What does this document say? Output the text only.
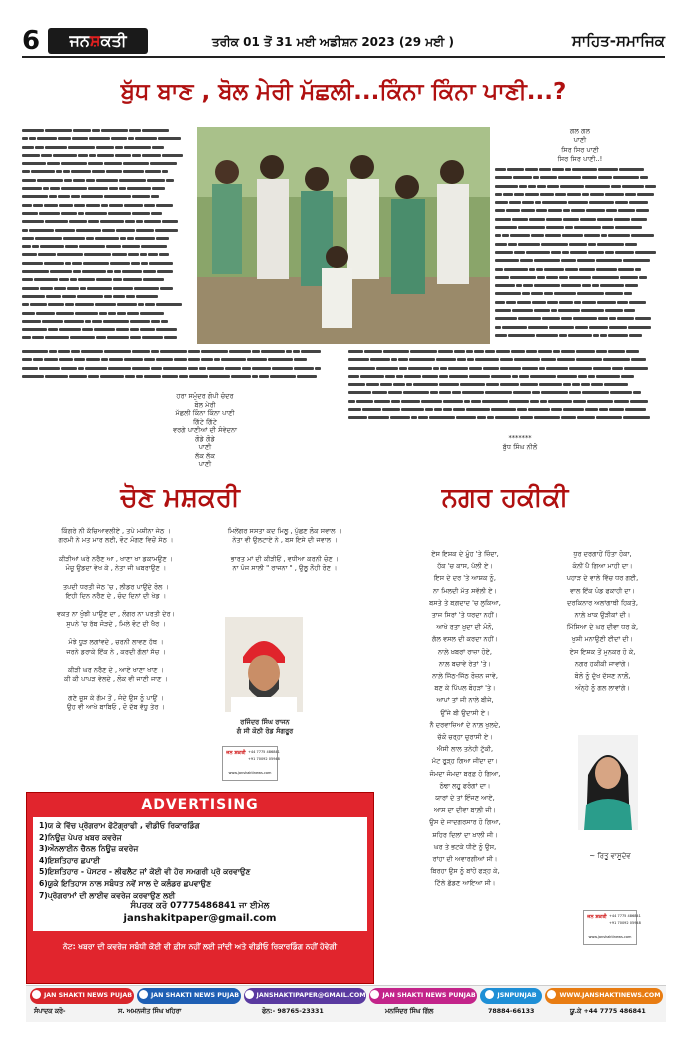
6	ਜਨਸ਼ਕਤੀ	ਤਰੀਕ 01 ਤੋਂ 31 ਮਈ ਅਡੀਸ਼ਨ 2023 (29 ਮਈ )	ਸਾਹਿਤ-ਸਮਾਜਿਕ
ਬੁੱਧ ਬਾਣ , ਬੋਲ ਮੇਰੀ ਮੱਛਲੀ...ਕਿੰਨਾ ਕਿੰਨਾ ਪਾਣੀ...?
ਗਲ ਗਲ
ਪਾਣੀ
ਸਿਰ ਸਿਰ ਪਾਣੀ
ਸਿਰ ਸਿਰ ਪਾਣੀ..!
ਹਰਾ ਸਮੁੰਦਰ ਗੋਪੀ ਚੰਦਰ
ਬੋਲ ਮੇਰੀ
ਮੱਛਲੀ ਕਿੰਨਾ ਕਿੰਨਾ ਪਾਣੀ
ਗਿੱਟੇ ਗਿੱਟੇ
ਵਰਗੇ ਪਾਣੀਆਂ ਦੀ ਸੰਵੇਦਨਾ
ਗੋਡੇ ਗੋਡੇ
ਪਾਣੀ
ਲੱਕ ਲੱਕ
ਪਾਣੀ
*******
ਬੁੱਧ ਸਿੰਘ ਨੀਲੋਂ
ਚੋਣ ਮਸ਼ਕਰੀ

ਕਿੰਗਰੇ ਨੀ ਕੱਚਿਆਵਲੀਏ , ਤਪੇ ਮਸ਼ੀਨਾ ਜੇਠ ।
ਗਰਮੀ ਨੇ ਮਤ ਮਾਰ ਲਈ, ਵੋਟ ਮੰਗਣ ਵਿਚੋਂ ਸੇਠ ।

ਕੀੜੀਆਂ ਘਰੇ ਨਰੈਣ ਆ , ਖਾਣਾ ਖਾ ਡਕਾਮਉਣ ।
ਮੋਜੂ ਉਡਦਾ ਵੇਖ ਕੇ , ਨੇਤਾ ਜੀ ਘਬਰਾਉਣ ।

ਤਪਦੀ ਧਰਤੀ ਜੇਠ 'ਚ , ਲੀਡਰ ਪਾਉਂਦੇ ਰੋਲ ।
ਇਹੀ ਦਿਨ ਨਰੈਣ ਦੇ , ਚੰਦ ਦਿਨਾਂ ਦੀ ਖੇਡ ।

ਵਕਤ ਨਾ ਖੁੰਝੀ ਪਾਉਣ ਦਾ , ਲੰਗਰ ਨਾ ਪਰਤੀ ਦੇਰ।
ਸੁਪਨੇ 'ਚ ਰੱਬ ਜੋੜਦੇ , ਮਿਲੇ ਵੋਟ ਦੀ ਖੈਰ ।

ਮੰਝੇ ਧੂੜ ਲਗਾਂਵਦੇ , ਚਰਨੀ ਲਾਵਣ ਹੱਥ ।
ਜਰਨੇ ਡਰਾਕੇ ਇੱਕ ਨੇ , ਕਰਦੀ ਗੱਲਾਂ ਸੱਚ ।

ਕੀੜੀ ਘਰ ਨਰੈਣ ਦੇ , ਆਏ ਖਾਣਾ ਖਾਣ ।
ਕੀ ਕੀ ਪਾਪੜ ਵੇਲਦੇ , ਲੋਕ ਵੀ ਜਾਣੀ ਜਾਣ ।

ਗਣੇ ਜੂਸ ਕੇ ਗੱਮ ਤੋਂ , ਜੰਦੇ ਉਸ ਨੂੰ ਪਾਉਂ ।
ਉਹ ਵੀ ਆਖੇ ਬਾਬਿਓ , ਦੋ ਦੱਬ ਵੱਧੂ ਤੇਰ ।

ਮਿਲੇਂਗਰ ਸਸਤਾ ਕਦ ਮਿਲੂ , ਪੁੱਛਣ ਲੋਕ ਸਵਾਲ ।
ਨੇਤਾ ਵੀ ਉਲਟਾਏ ਨੇ , ਬਸ ਇਸੇ ਦੀ ਜਵਾਲ ।
ਭਾਰਤ ਮਾਂ ਦੀ ਕੀੜੀਓਂ , ਵਧੀਆ ਕਰਨੀ ਚੋਣ ।
ਨਾ ਪੰਜ ਸਾਲੀ " ਰਾਜਨਾ " , ਉਲੂ ਨੌਹੀ ਰੋਣ ।
ਰਜਿੰਦਰ ਸਿੰਘ ਰਾਜਨ
ਗੰ ਸੀ ਕੋਠੀ ਰੋਡ ਸੰਗਰੂਰ
ਜਨ ਸ਼ਕਤੀ +44 7775 486841
+91 70092 05948
www.janshaktinews.com
ADVERTISING
1)ਯ ਕੇ ਵਿੱਚ ਪ੍ਰੋਗਰਾਮ ਫੋਟੋਗ੍ਰਾਫੀ , ਵੀਡੀਓ ਰਿਕਾਰਡਿੰਗ
2)ਨਿਊਜ਼ ਪੇਪਰ ਖ਼ਬਰ ਕਵਰੇਜ
3)ਔਨਲਾਈਨ ਚੈਨਲ ਨਿਊਜ਼ ਕਵਰੇਜ
4)ਇਸ਼ਤਿਹਾਰ ਛਪਾਈ
5)ਇਸ਼ਤਿਹਾਰ - ਪੋਸਟਰ - ਲੀਫਲੈਟ ਜਾਂ ਕੋਈ ਵੀ ਹੋਰ ਸਮਗਰੀ ਪ੍ਰੋ ਕਰਵਾਉਣ
6)ਯੂਕੇ ਇਤਿਹਾਸ ਨਾਲ ਸਬੰਧਤ ਨਵੇਂ ਸਾਲ ਦੇ ਕਲੰਡਰ ਛਪਵਾਉਣ
7)ਪ੍ਰੋਗਰਾਮਾਂ ਦੀ ਲਾਈਵ ਕਵਰੇਜ ਕਰਵਾਉਣ ਲਈ
ਸੰਪਰਕ ਕਰੋ 07775486841 ਜਾ ਈਮੇਲ
janshakitpaper@gmail.com
ਨੋਟ: ਖਬਰਾ ਦੀ ਕਵਰੇਜ ਸਬੰਧੀ ਕੋਈ ਵੀ ਫ਼ੀਸ ਨਹੀਂ ਲਈ ਜਾਂਦੀ ਅਤੇ ਵੀਡੀਓ ਰਿਕਾਰਡਿੰਗ ਨਹੀਂ ਹੋਵੇਗੀ
ਨਗਰ ਹਕੀਕੀ
ਏਸ ਇਸ਼ਕ ਦੇ ਮੂੰਹ 'ਤੇ ਜ਼ਿੰਦਾ,
ਹੱਕ 'ਚ ਕਾਸ, ਪੱਲੀ ਏ।
ਇਸ ਦੇ ਦਰ 'ਤੇ ਆਸ਼ਕ ਨੂੰ,
ਨਾ ਮਿਲਦੀ ਮੱਤ ਸਵੱਲੀ ਏ।
ਬਸਤੇ ਤੇ ਬਗ਼ਦਾਦ 'ਚ ਲੁਕਿਆ,
ਤਾਜ ਸਿਰਾਂ 'ਤੇ ਧਰਦਾ ਨਹੀਂ।
ਆਖੇ ਰਤਾ ਖ਼ੁਦਾ ਦੀ ਮੰਨੋ,
ਗੱਲ ਵਸਲ ਦੀ ਕਰਦਾ ਨਹੀਂ।
ਨਾਲ਼ੇ ਖ਼ਬਰਾਂ ਰਾਜ਼ਾ ਹੋਏ,
ਨਾਲ਼ ਬਚਾਵੇ ਰੇਤਾਂ 'ਤੇ।
ਨਾਲ਼ੇ ਜਿੱਠ-ਜਿੱਠ ਰੋਜ਼ਨ ਜਾਵੇ,
ਬਣ ਕੇ ਪਿੱਪਲ ਬੋਹੜਾਂ 'ਤੇ।
ਆਪਾਂ ਤਾਂ ਜੀ ਨਾਲੇ ਬੀਜੇ,
ਉੱਜੇ ਬੀ ਉਦਾਸੀ ਏ।
ਨੈ ਦਰਵਾਜ਼ਿਆਂ ਦੇ ਨਾਲ਼ ਖੁਲਦੇ,
ਚੱਕੋ ਚਰ੍ਹਾ ਚੁਰਾਸੀ ਏ।
ਐਸੀ ਲਾਲ ਤਨੇਹੀ ਟੁੱਕੀ,
ਮੱਟ ਰੂੜ੍ਹ ਗਿਆ ਜੀਂਦਾ ਦਾ।
ਜੰਮਦਾ ਜੰਮਦਾ ਬਰਫ਼ ਹੋ ਗਿਆ,
ਠੰਢਾ ਲਹੂ ਫਰੰਗਾਂ ਦਾ।
ਯਾਰਾਂ ਦੇ ਤਾਂ ਇੰਜਣ ਆਏ,
ਆਸ ਦਾ ਦੀਵਾ ਬਾਲ਼ੀ ਜੀ।
ਉਸ ਦੇ ਜਾਦਗਰਸਾਰ ਹੋ ਗਿਆ,
ਸ਼ਹਿਰ ਦਿਲਾਂ ਦਾ ਖ਼ਾਲੀ ਜੀ।
ਘਰ ਤੇ ਭਟਕੇ ਧੀਏ ਨੂੰ ਉਸ,
ਰਾਂਹਾ ਦੀ ਅਵਾਰਗੀਆਂ ਸੀ।
ਬਿਰਹਾ ਉਸ ਨੂੰ ਬਾਂਹੋਂ ਫੜ੍ਹ ਕੇ,
ਟਿੱਲੇ ਛੱਡਣ ਆਇਆ ਸੀ।
ਧੁਰ ਦਰਗਾਹੋਂ ਹਿੰਤਾ ਹੋਕਾ,
ਕੰਨੀਂ ਪੈ ਗਿਆ ਮਾਹੀ ਦਾ।
ਪਹਾੜ ਦੇ ਵਾਲੇ ਵਿੱਚ ਧਰ ਗਈ,
ਵਾਲ ਇੱਕ ਪੰਡ ਫਕਾਹੀ ਦਾ।
ਦਰਕਿਨਾਰ ਅਲਾਂਗਾਥੀ ਹਿਕਤੇ,
ਨਾਲ਼ੇ ਖ਼ਾਕ ਉੜੀਕਾਂ ਦੀ।
ਮਿੱਸਿਆ ਦੇ ਘਰ ਦੀਵਾ ਧਰ ਕੇ,
ਖੁਸ਼ੀ ਮਨਾਉਣੀ ਈਦਾਂ ਦੀ।
ਏਸ ਇਸ਼ਕ ਤੋਂ ਮੁਨਕਰ ਹੋ ਕੇ,
ਨਗਰ ਹਕੀਕੀ ਜਾਵਾਂਗੇ।
ਬੋਲੋ ਨੂੰ ਦੁੱਖ ਦੱਸਣ ਨਾਲ਼ੋਂ,
ਅੰਨ੍ਹੇ ਨੂੰ ਗਲ ਲਾਵਾਂਗੇ।
~ ਰਿਤੂ ਵਾਸੂਦੇਵ
ਜਨ ਸ਼ਕਤੀ +44 7775 486841
+91 70092 05948
www.janshaktinews.com
JAN SHAKTI NEWS PUJAB	JAN SHAKTI NEWS PUJAB	JANSHAKTIPAPER@GMAIL.COM	JAN SHAKTI NEWS PUNJAB	JSNPUNJAB	WWW.JANSHAKTINEWS.COM
ਸੰਪਾਦਕ ਕਰੋ-	ਸ. ਅਮਨਜੀਤ ਸਿੰਘ ਖਹਿਰਾ	ਫੋਨ:- 98765-23331	ਮਨਜਿੰਦਰ ਸਿੰਘ ਗਿੱਲ	78884-66133	ਯੂ.ਕੇ +44 7775 486841
